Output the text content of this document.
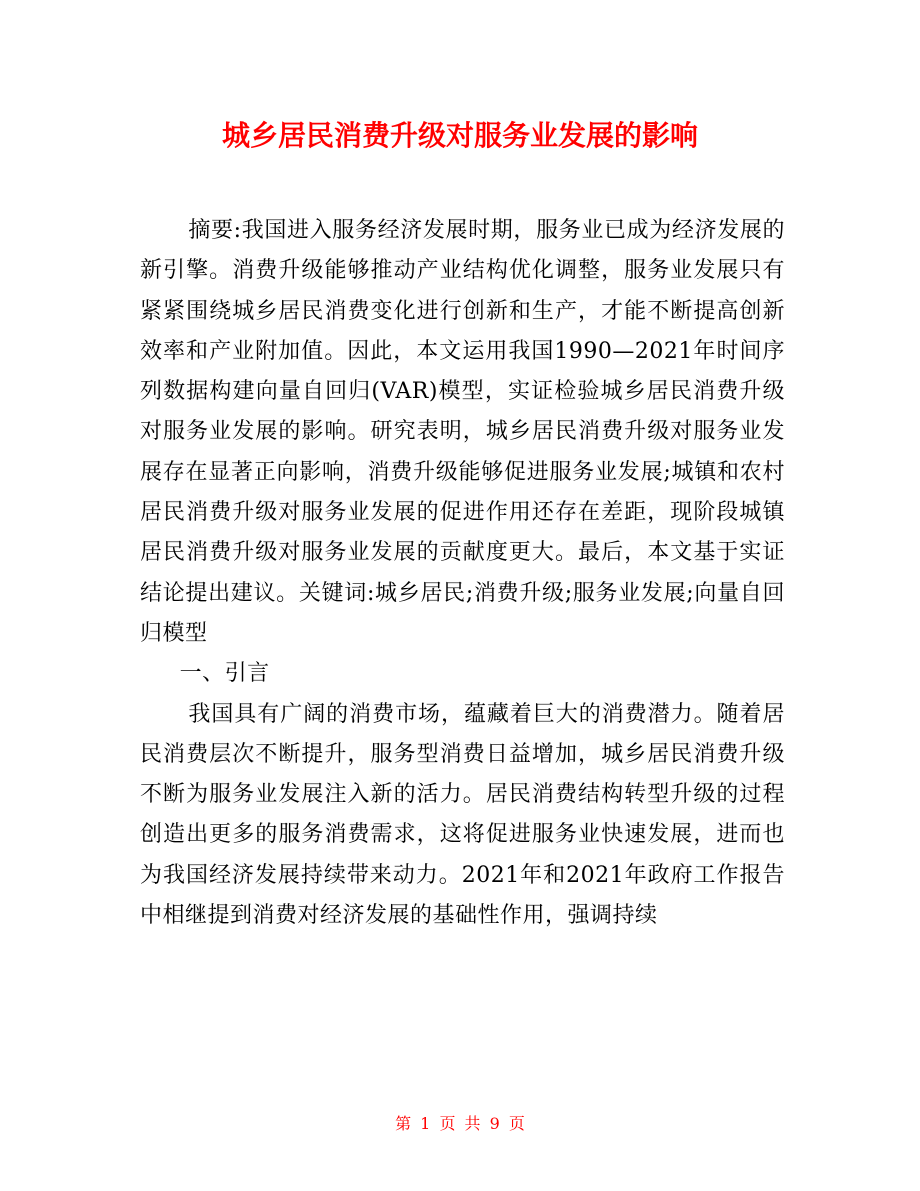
城乡居民消费升级对服务业发展的影响

摘要:我国进入服务经济发展时期，服务业已成为经济发展的新引擎。消费升级能够推动产业结构优化调整，服务业发展只有紧紧围绕城乡居民消费变化进行创新和生产，才能不断提高创新效率和产业附加值。因此，本文运用我国1990—2021年时间序列数据构建向量自回归(VAR)模型，实证检验城乡居民消费升级对服务业发展的影响。研究表明，城乡居民消费升级对服务业发展存在显著正向影响，消费升级能够促进服务业发展;城镇和农村居民消费升级对服务业发展的促进作用还存在差距，现阶段城镇居民消费升级对服务业发展的贡献度更大。最后，本文基于实证结论提出建议。关键词:城乡居民;消费升级;服务业发展;向量自回归模型

一、引言

我国具有广阔的消费市场，蕴藏着巨大的消费潜力。随着居民消费层次不断提升，服务型消费日益增加，城乡居民消费升级不断为服务业发展注入新的活力。居民消费结构转型升级的过程创造出更多的服务消费需求，这将促进服务业快速发展，进而也为我国经济发展持续带来动力。2021年和2021年政府工作报告中相继提到消费对经济发展的基础性作用，强调持续

第 1 页 共 9 页
